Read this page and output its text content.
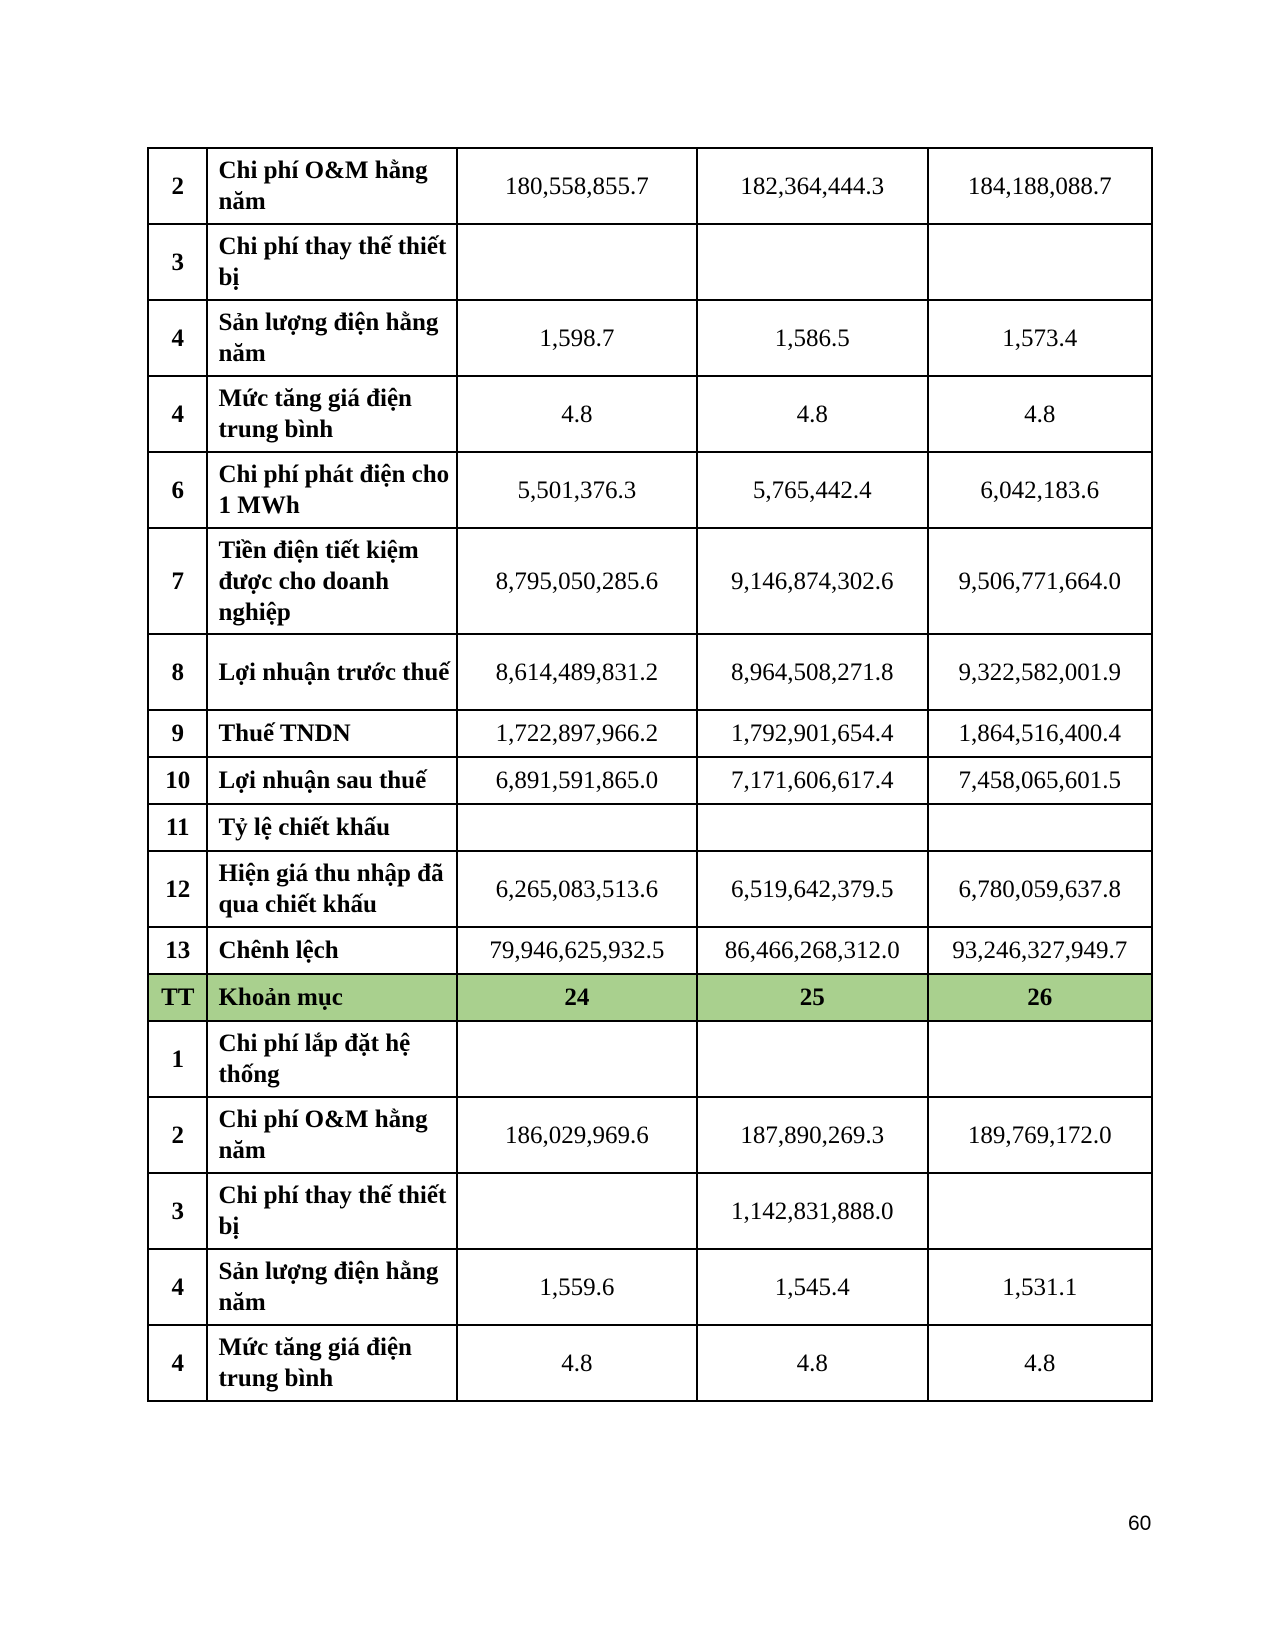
2	Chi phí O&M hằng năm	180,558,855.7	182,364,444.3	184,188,088.7
3	Chi phí thay thế thiết bị			
4	Sản lượng điện hằng năm	1,598.7	1,586.5	1,573.4
4	Mức tăng giá điện trung bình	4.8	4.8	4.8
6	Chi phí phát điện cho 1 MWh	5,501,376.3	5,765,442.4	6,042,183.6
7	Tiền điện tiết kiệm được cho doanh nghiệp	8,795,050,285.6	9,146,874,302.6	9,506,771,664.0
8	Lợi nhuận trước thuế	8,614,489,831.2	8,964,508,271.8	9,322,582,001.9
9	Thuế TNDN	1,722,897,966.2	1,792,901,654.4	1,864,516,400.4
10	Lợi nhuận sau thuế	6,891,591,865.0	7,171,606,617.4	7,458,065,601.5
11	Tỷ lệ chiết khấu			
12	Hiện giá thu nhập đã qua chiết khấu	6,265,083,513.6	6,519,642,379.5	6,780,059,637.8
13	Chênh lệch	79,946,625,932.5	86,466,268,312.0	93,246,327,949.7
TT	Khoản mục	24	25	26
1	Chi phí lắp đặt hệ thống			
2	Chi phí O&M hằng năm	186,029,969.6	187,890,269.3	189,769,172.0
3	Chi phí thay thế thiết bị		1,142,831,888.0	
4	Sản lượng điện hằng năm	1,559.6	1,545.4	1,531.1
4	Mức tăng giá điện trung bình	4.8	4.8	4.8
60
